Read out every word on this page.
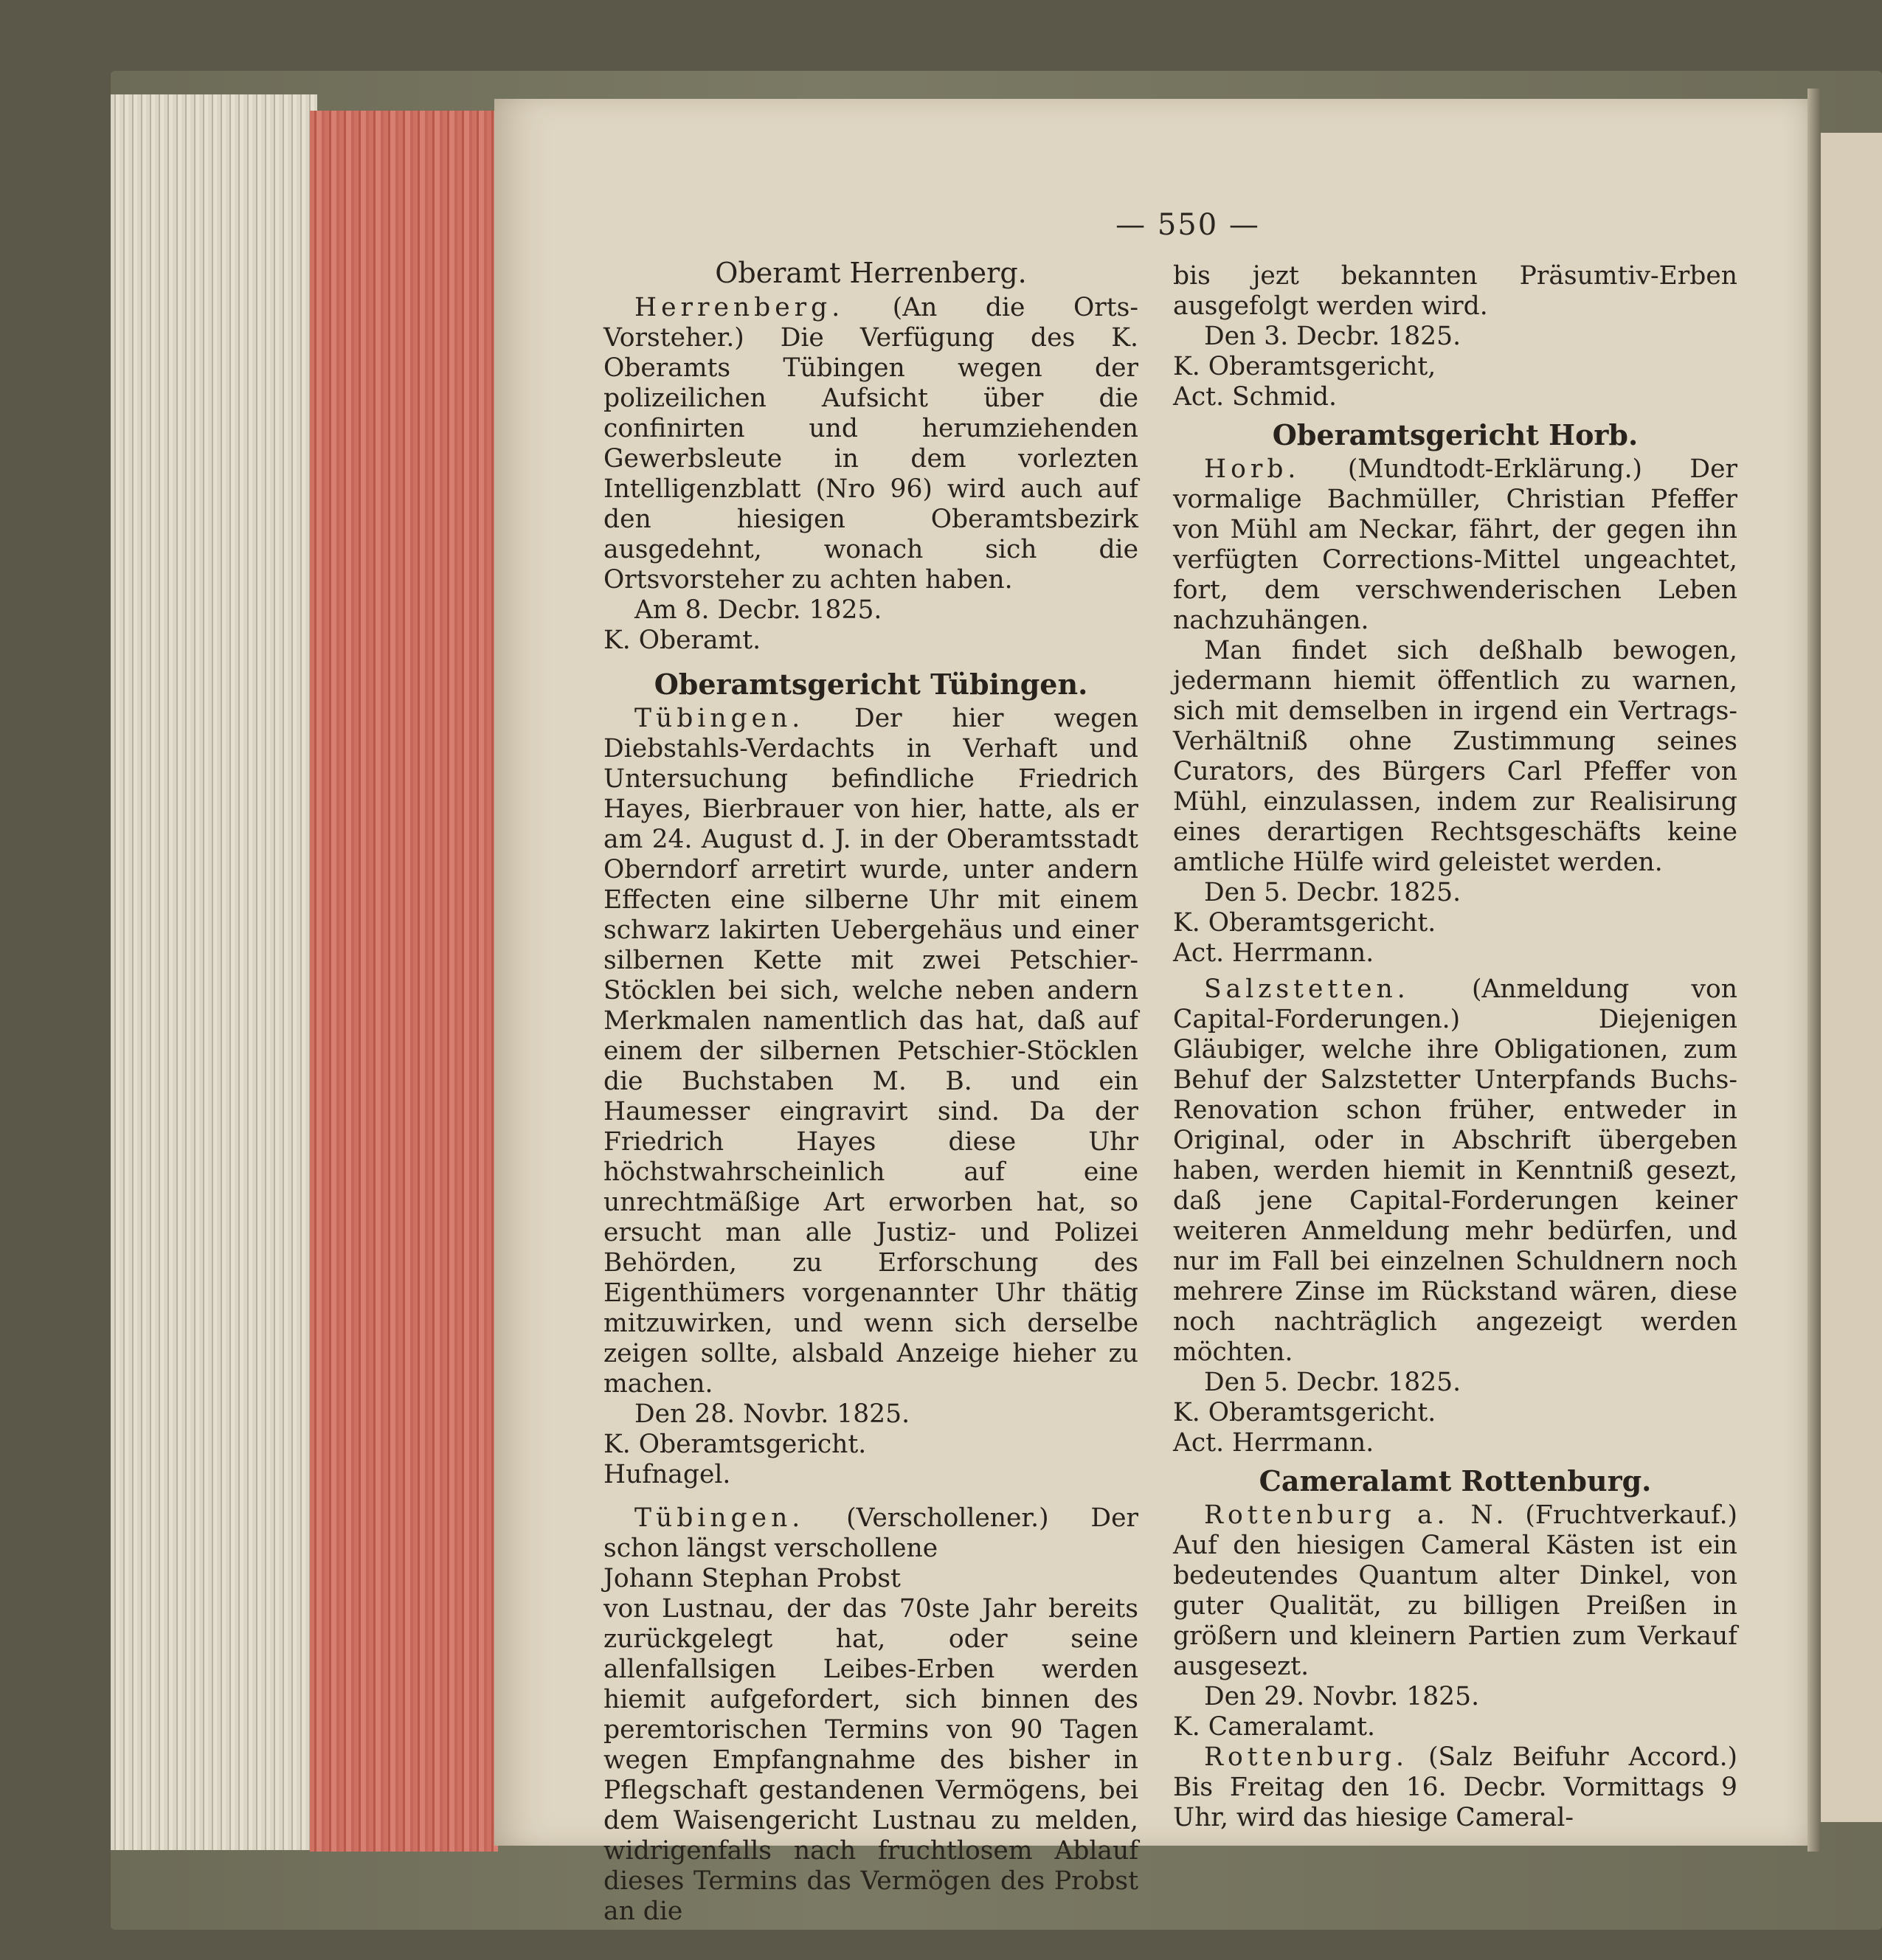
— 550 —
Oberamt Herrenberg.

Herrenberg. (An die Orts-Vorsteher.) Die Verfügung des K. Oberamts Tübingen wegen der polizeilichen Aufsicht über die confinirten und herumziehenden Gewerbsleute in dem vorlezten Intelligenzblatt (Nro 96) wird auch auf den hiesigen Oberamtsbezirk ausgedehnt, wonach sich die Ortsvorsteher zu achten haben.

Am 8. Decbr. 1825.

K. Oberamt.

Oberamtsgericht Tübingen.

Tübingen. Der hier wegen Diebstahls-Verdachts in Verhaft und Untersuchung befindliche Friedrich Hayes, Bierbrauer von hier, hatte, als er am 24. August d. J. in der Oberamtsstadt Oberndorf arretirt wurde, unter andern Effecten eine silberne Uhr mit einem schwarz lakirten Uebergehäus und einer silbernen Kette mit zwei Petschier-Stöcklen bei sich, welche neben andern Merkmalen namentlich das hat, daß auf einem der silbernen Petschier-Stöcklen die Buchstaben M. B. und ein Haumesser eingravirt sind. Da der Friedrich Hayes diese Uhr höchstwahrscheinlich auf eine unrechtmäßige Art erworben hat, so ersucht man alle Justiz- und Polizei Behörden, zu Erforschung des Eigenthümers vorgenannter Uhr thätig mitzuwirken, und wenn sich derselbe zeigen sollte, alsbald Anzeige hieher zu machen.

Den 28. Novbr. 1825.

K. Oberamtsgericht.

Hufnagel.

Tübingen. (Verschollener.) Der schon längst verschollene

Johann Stephan Probst

von Lustnau, der das 70ste Jahr bereits zurückgelegt hat, oder seine allenfallsigen Leibes-Erben werden hiemit aufgefordert, sich binnen des peremtorischen Termins von 90 Tagen wegen Empfangnahme des bisher in Pflegschaft gestandenen Vermögens, bei dem Waisengericht Lustnau zu melden, widrigenfalls nach fruchtlosem Ablauf dieses Termins das Vermögen des Probst an die

bis jezt bekannten Präsumtiv-Erben ausgefolgt werden wird.

Den 3. Decbr. 1825.

K. Oberamtsgericht,

Act. Schmid.

Oberamtsgericht Horb.

Horb. (Mundtodt-Erklärung.) Der vormalige Bachmüller, Christian Pfeffer von Mühl am Neckar, fährt, der gegen ihn verfügten Corrections-Mittel ungeachtet, fort, dem verschwenderischen Leben nachzuhängen.

Man findet sich deßhalb bewogen, jedermann hiemit öffentlich zu warnen, sich mit demselben in irgend ein Vertrags-Verhältniß ohne Zustimmung seines Curators, des Bürgers Carl Pfeffer von Mühl, einzulassen, indem zur Realisirung eines derartigen Rechtsgeschäfts keine amtliche Hülfe wird geleistet werden.

Den 5. Decbr. 1825.

K. Oberamtsgericht.

Act. Herrmann.

Salzstetten. (Anmeldung von Capital-Forderungen.) Diejenigen Gläubiger, welche ihre Obligationen, zum Behuf der Salzstetter Unterpfands Buchs-Renovation schon früher, entweder in Original, oder in Abschrift übergeben haben, werden hiemit in Kenntniß gesezt, daß jene Capital-Forderungen keiner weiteren Anmeldung mehr bedürfen, und nur im Fall bei einzelnen Schuldnern noch mehrere Zinse im Rückstand wären, diese noch nachträglich angezeigt werden möchten.

Den 5. Decbr. 1825.

K. Oberamtsgericht.

Act. Herrmann.

Cameralamt Rottenburg.

Rottenburg a. N. (Fruchtverkauf.) Auf den hiesigen Cameral Kästen ist ein bedeutendes Quantum alter Dinkel, von guter Qualität, zu billigen Preißen in größern und kleinern Partien zum Verkauf ausgesezt.

Den 29. Novbr. 1825.

K. Cameralamt.

Rottenburg. (Salz Beifuhr Accord.) Bis Freitag den 16. Decbr. Vormittags 9 Uhr, wird das hiesige Cameral-
